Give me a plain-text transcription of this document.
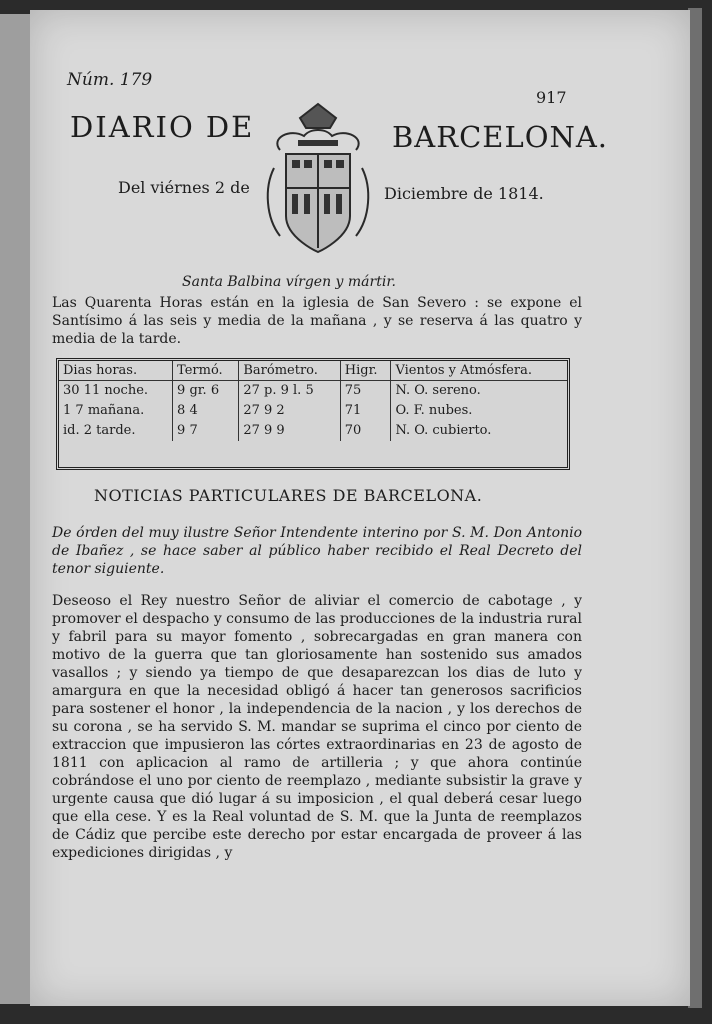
Núm. 179
917
DIARIO DE	BARCELONA.
Del viérnes 2 de	Diciembre de 1814.
Santa Balbina vírgen y mártir.
Las Quarenta Horas están en la iglesia de San Severo : se expone el Santísimo á las seis y media de la mañana , y se reserva á las quatro y media de la tarde.
Dias horas.	Termó.	Barómetro.	Higr.	Vientos y Atmósfera.
30 11 noche.	9 gr. 6	27 p. 9 l. 5	75	N. O. sereno.
1 7 mañana.	8 4	27 9 2	71	O. F. nubes.
id. 2 tarde.	9 7	27 9 9	70	N. O. cubierto.
NOTICIAS PARTICULARES DE BARCELONA.
De órden del muy ilustre Señor Intendente interino por S. M. Don Antonio de Ibañez , se hace saber al público haber recibido el Real Decreto del tenor siguiente.
Deseoso el Rey nuestro Señor de aliviar el comercio de cabotage , y promover el despacho y consumo de las producciones de la industria rural y fabril para su mayor fomento , sobrecargadas en gran manera con motivo de la guerra que tan gloriosamente han sostenido sus amados vasallos ; y siendo ya tiempo de que desaparezcan los dias de luto y amargura en que la necesidad obligó á hacer tan generosos sacrificios para sostener el honor , la independencia de la nacion , y los derechos de su corona , se ha servido S. M. mandar se suprima el cinco por ciento de extraccion que impusieron las córtes extraordinarias en 23 de agosto de 1811 con aplicacion al ramo de artilleria ; y que ahora continúe cobrándose el uno por ciento de reemplazo , mediante subsistir la grave y urgente causa que dió lugar á su imposicion , el qual deberá cesar luego que ella cese. Y es la Real voluntad de S. M. que la Junta de reemplazos de Cádiz que percibe este derecho por estar encargada de proveer á las expediciones dirigidas , y
